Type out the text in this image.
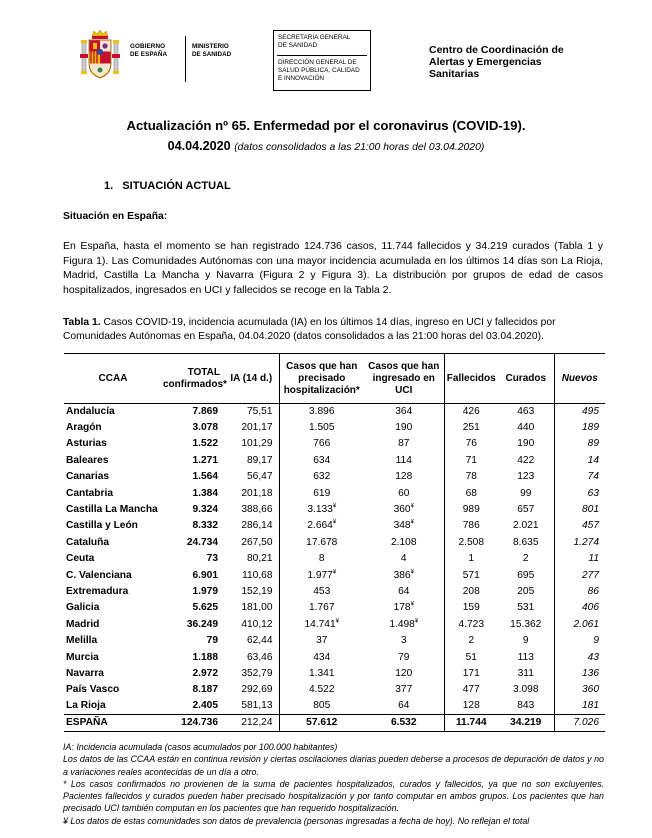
GOBIERNO
DE ESPAÑA
MINISTERIO
DE SANIDAD
SECRETARIA GENERAL
DE SANIDAD
DIRECCIÓN GENERAL DE
SALUD PÚBLICA, CALIDAD
E INNOVACIÓN
Centro de Coordinación de
Alertas y Emergencias
Sanitarias
Actualización nº 65. Enfermedad por el coronavirus (COVID-19).
04.04.2020 (datos consolidados a las 21:00 horas del 03.04.2020)
1.   SITUACIÓN ACTUAL
Situación en España:
En España, hasta el momento se han registrado 124.736 casos, 11.744 fallecidos y 34.219 curados (Tabla 1 y Figura 1). Las Comunidades Autónomas con una mayor incidencia acumulada en los últimos 14 días son La Rioja, Madrid, Castilla La Mancha y Navarra (Figura 2 y Figura 3). La distribución por grupos de edad de casos hospitalizados, ingresados en UCI y fallecidos se recoge en la Tabla 2.
Tabla 1. Casos COVID-19, incidencia acumulada (IA) en los últimos 14 días, ingreso en UCI y fallecidos por Comunidades Autónomas en España, 04.04.2020 (datos consolidados a las 21:00 horas del 03.04.2020).
CCAA	TOTAL confirmados*	IA (14 d.)	Casos que han precisado hospitalización*	Casos que han ingresado en UCI	Fallecidos	Curados	Nuevos
Andalucía	7.869	75,51	3.896	364	426	463	495
Aragón	3.078	201,17	1.505	190	251	440	189
Asturias	1.522	101,29	766	87	76	190	89
Baleares	1.271	89,17	634	114	71	422	14
Canarias	1.564	56,47	632	128	78	123	74
Cantabria	1.384	201,18	619	60	68	99	63
Castilla La Mancha	9.324	388,66	3.133¥	360¥	989	657	801
Castilla y León	8.332	286,14	2.664¥	348¥	786	2.021	457
Cataluña	24.734	267,50	17.678	2.108	2.508	8.635	1.274
Ceuta	73	80,21	8	4	1	2	11
C. Valenciana	6.901	110,68	1.977¥	386¥	571	695	277
Extremadura	1.979	152,19	453	64	208	205	86
Galicia	5.625	181,00	1.767	178¥	159	531	406
Madrid	36.249	410,12	14.741¥	1.498¥	4.723	15.362	2.061
Melilla	79	62,44	37	3	2	9	9
Murcia	1.188	63,46	434	79	51	113	43
Navarra	2.972	352,79	1.341	120	171	311	136
País Vasco	8.187	292,69	4.522	377	477	3.098	360
La Rioja	2.405	581,13	805	64	128	843	181
ESPAÑA	124.736	212,24	57.612	6.532	11.744	34.219	7.026

IA: Incidencia acumulada (casos acumulados por 100.000 habitantes)

Los datos de las CCAA están en continua revisión y ciertas oscilaciones diarias pueden deberse a procesos de depuración de datos y no a variaciones reales acontecidas de un día a otro.

* Los casos confirmados no provienen de la suma de pacientes hospitalizados, curados y fallecidos, ya que no son excluyentes. Pacientes fallecidos y curados pueden haber precisado hospitalización y por tanto computar en ambos grupos. Los pacientes que han precisado UCI también computan en los pacientes que han requerido hospitalización.

¥ Los datos de estas comunidades son datos de prevalencia (personas ingresadas a fecha de hoy). No reflejan el total
